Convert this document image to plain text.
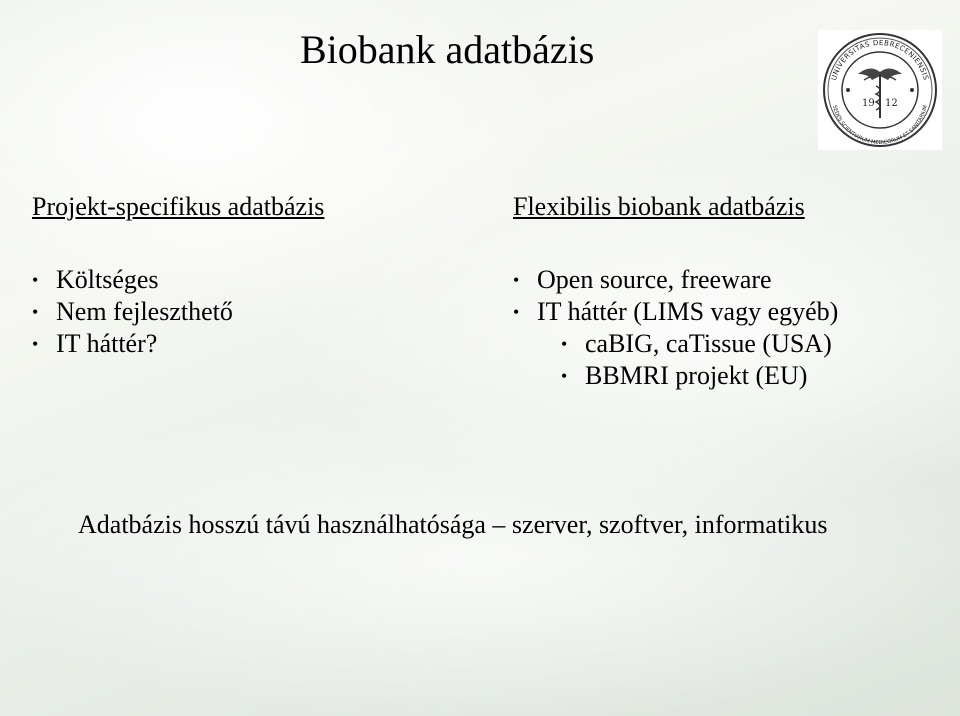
Biobank adatbázis
UNIVERSITAS DEBRECENIENSIS
SEDES SCIENTIARUM MEDICORUM ET SANITARIUM
19 12
Projekt-specifikus adatbázis
• Költséges
• Nem fejleszthető
• IT háttér?
Flexibilis biobank adatbázis
• Open source, freeware
• IT háttér (LIMS vagy egyéb)
• caBIG, caTissue (USA)
• BBMRI projekt (EU)

Adatbázis hosszú távú használhatósága – szerver, szoftver, informatikus
